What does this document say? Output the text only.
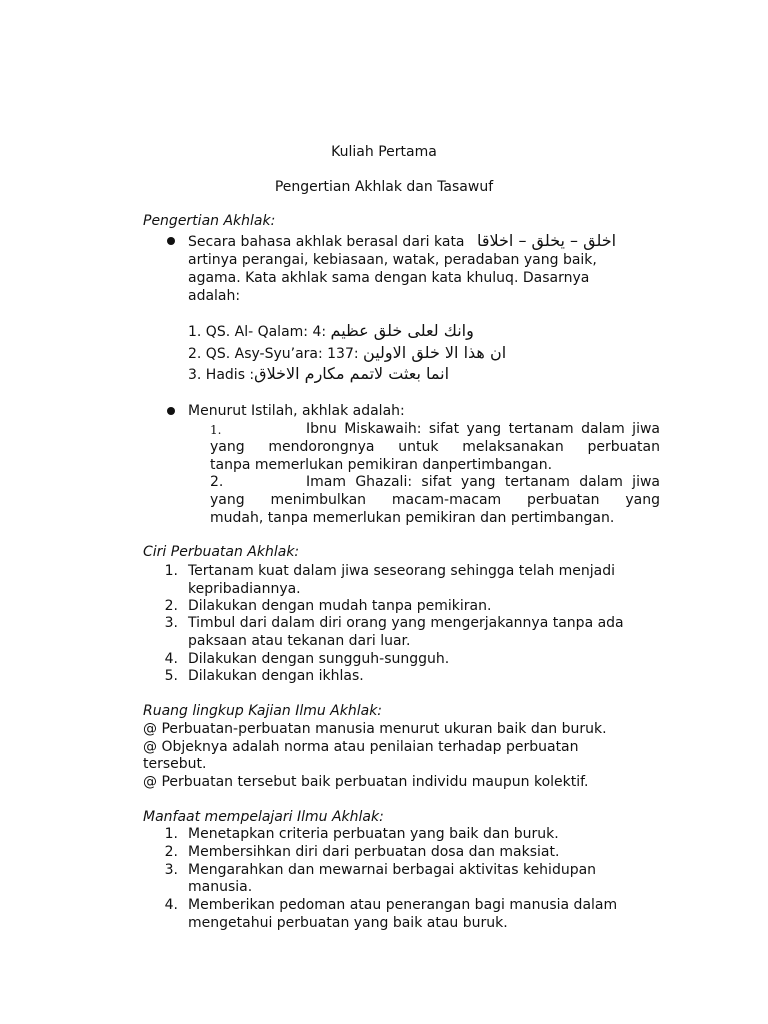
Kuliah Pertama
Pengertian Akhlak dan Tasawuf
Pengertian Akhlak:
Secara bahasa akhlak berasal dari kata اخلق – يخلق – اخلاقا
artinya perangai, kebiasaan, watak, peradaban yang baik,
agama. Kata akhlak sama dengan kata khuluq. Dasarnya
adalah:
1. QS. Al- Qalam: 4: وانك لعلى خلق عظيم
2. QS. Asy-Syu’ara: 137: ان هذا الا خلق الاولين
3. Hadis :انما بعثت لاتمم مكارم الاخلاق
Menurut Istilah, akhlak adalah:
1.	Ibnu Miskawaih: sifat yang tertanam dalam jiwa
yang mendorongnya untuk melaksanakan perbuatan
tanpa memerlukan pemikiran danpertimbangan.
2.	Imam Ghazali: sifat yang tertanam dalam jiwa
yang menimbulkan macam-macam perbuatan yang
mudah, tanpa memerlukan pemikiran dan pertimbangan.
Ciri Perbuatan Akhlak:
1. Tertanam kuat dalam jiwa seseorang sehingga telah menjadi
kepribadiannya.
2. Dilakukan dengan mudah tanpa pemikiran.
3. Timbul dari dalam diri orang yang mengerjakannya tanpa ada
paksaan atau tekanan dari luar.
4. Dilakukan dengan sungguh-sungguh.
5. Dilakukan dengan ikhlas.
Ruang lingkup Kajian Ilmu Akhlak:
@ Perbuatan-perbuatan manusia menurut ukuran baik dan buruk.
@ Objeknya adalah norma atau penilaian terhadap perbuatan
tersebut.
@ Perbuatan tersebut baik perbuatan individu maupun kolektif.
Manfaat mempelajari Ilmu Akhlak:
1. Menetapkan criteria perbuatan yang baik dan buruk.
2. Membersihkan diri dari perbuatan dosa dan maksiat.
3. Mengarahkan dan mewarnai berbagai aktivitas kehidupan
manusia.
4. Memberikan pedoman atau penerangan bagi manusia dalam
mengetahui perbuatan yang baik atau buruk.
